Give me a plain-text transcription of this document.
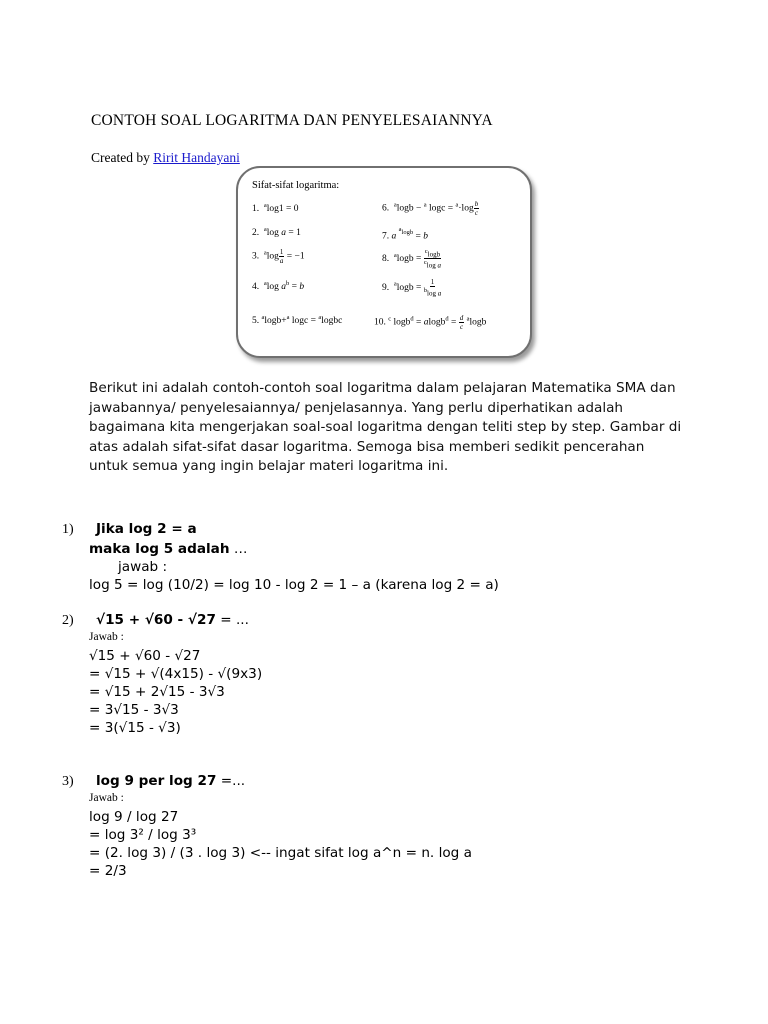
CONTOH SOAL LOGARITMA DAN PENYELESAIANNYA
Created by Ririt Handayani
Sifat-sifat logaritma:
1.  $^a$log1 = 0
2.  $^a$log a = 1
3.  $^a\log \frac{1}{a} = -1$
4.  $^a$log $a^b = b$
5. $^a$logb+$^a$ logc = $^a$logbc
6.  $^a$logb − $^a$ $\log c = ^a\cdot\log \frac{b}{c}$
7. a $^{^alogb}$ = b
8.  $^a\log b = \frac{^c\log b}{^c\log a}$
9.  $^a\log b = \frac{1}{^b\log a}$
10. $^c$ $\log b^d = alogb^d = \frac{d}{c} ^a\log b$
Berikut ini adalah contoh-contoh soal logaritma dalam pelajaran Matematika SMA dan
jawabannya/ penyelesaiannya/ penjelasannya. Yang perlu diperhatikan adalah
bagaimana kita mengerjakan soal-soal logaritma dengan teliti step by step. Gambar di
atas adalah sifat-sifat dasar logaritma. Semoga bisa memberi sedikit pencerahan
untuk semua yang ingin belajar materi logaritma ini.
1) Jika log 2 = a
maka log 5 adalah …
jawab :
log 5 = log (10/2) = log 10 - log 2 = 1 – a (karena log 2 = a)
2) √15 + √60 - √27 = ...
Jawab :
√15 + √60 - √27
= √15 + √(4x15) - √(9x3)
= √15 + 2√15 - 3√3
= 3√15 - 3√3
= 3(√15 - √3)
3) log 9 per log 27 =...
Jawab :
log 9 / log 27
= log 3² / log 3³
= (2. log 3) / (3 . log 3) <-- ingat sifat log a^n = n. log a
= 2/3
